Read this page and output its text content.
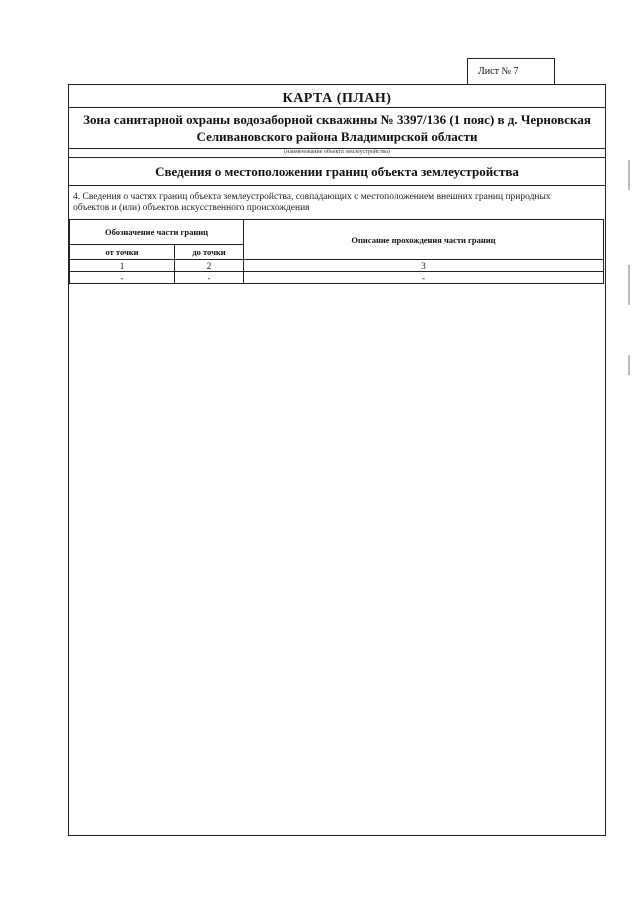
Лист № 7
КАРТА (ПЛАН)
Зона санитарной охраны водозаборной скважины № 3397/136 (1 пояс) в д. Черновская Селивановского района Владимирской области
(наименование объекта землеустройства)
Сведения о местоположении границ объекта землеустройства
4. Сведения о частях границ объекта землеустройства, совпадающих с местоположением внешних границ природных объектов и (или) объектов искусственного происхождения
Обозначение части границ		Описание прохождения части границ
от точки	до точки	
1	2	3
-	-	-
